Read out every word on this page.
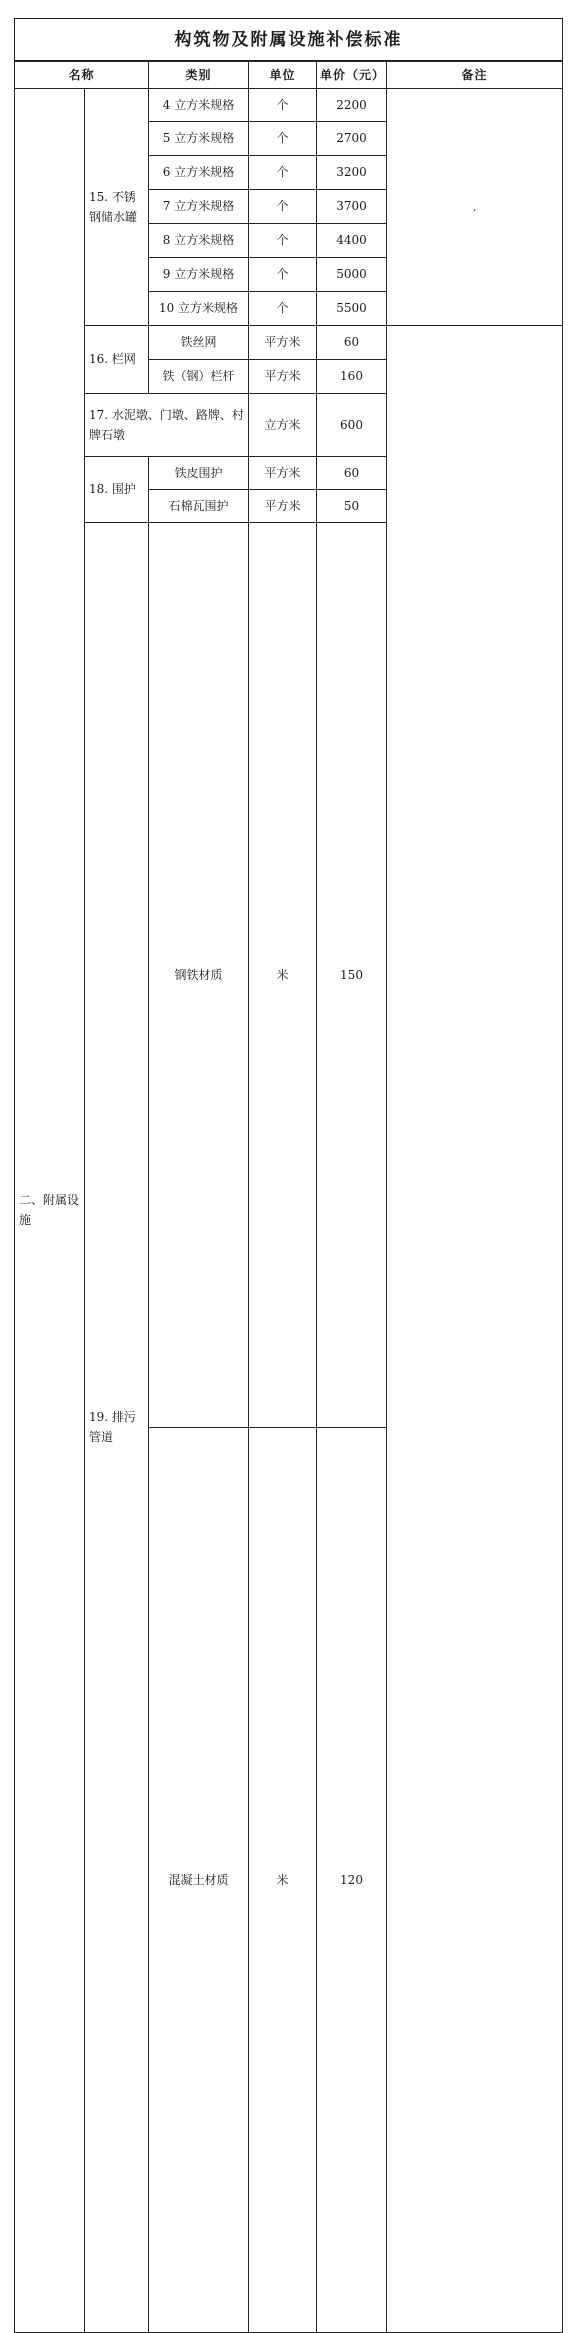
构筑物及附属设施补偿标准						
名称		类别	单位	单价（元）	备注	
二、附属设施	15. 不锈钢储水罐	4 立方米规格	个	2200	.	
		5 立方米规格	个	2700		
		6 立方米规格	个	3200		
		7 立方米规格	个	3700		
		8 立方米规格	个	4400		
		9 立方米规格	个	5000		
		10 立方米规格	个	5500		
	16. 栏网	铁丝网	平方米	60		
		铁（钢）栏杆	平方米	160		
	17. 水泥墩、门墩、路牌、村牌石墩		立方米	600		
	18. 围护	铁皮围护	平方米	60		
		石棉瓦围护	平方米	50		
	19. 排污管道	钢铁材质	米	150	
		混凝土材质	米	120	
